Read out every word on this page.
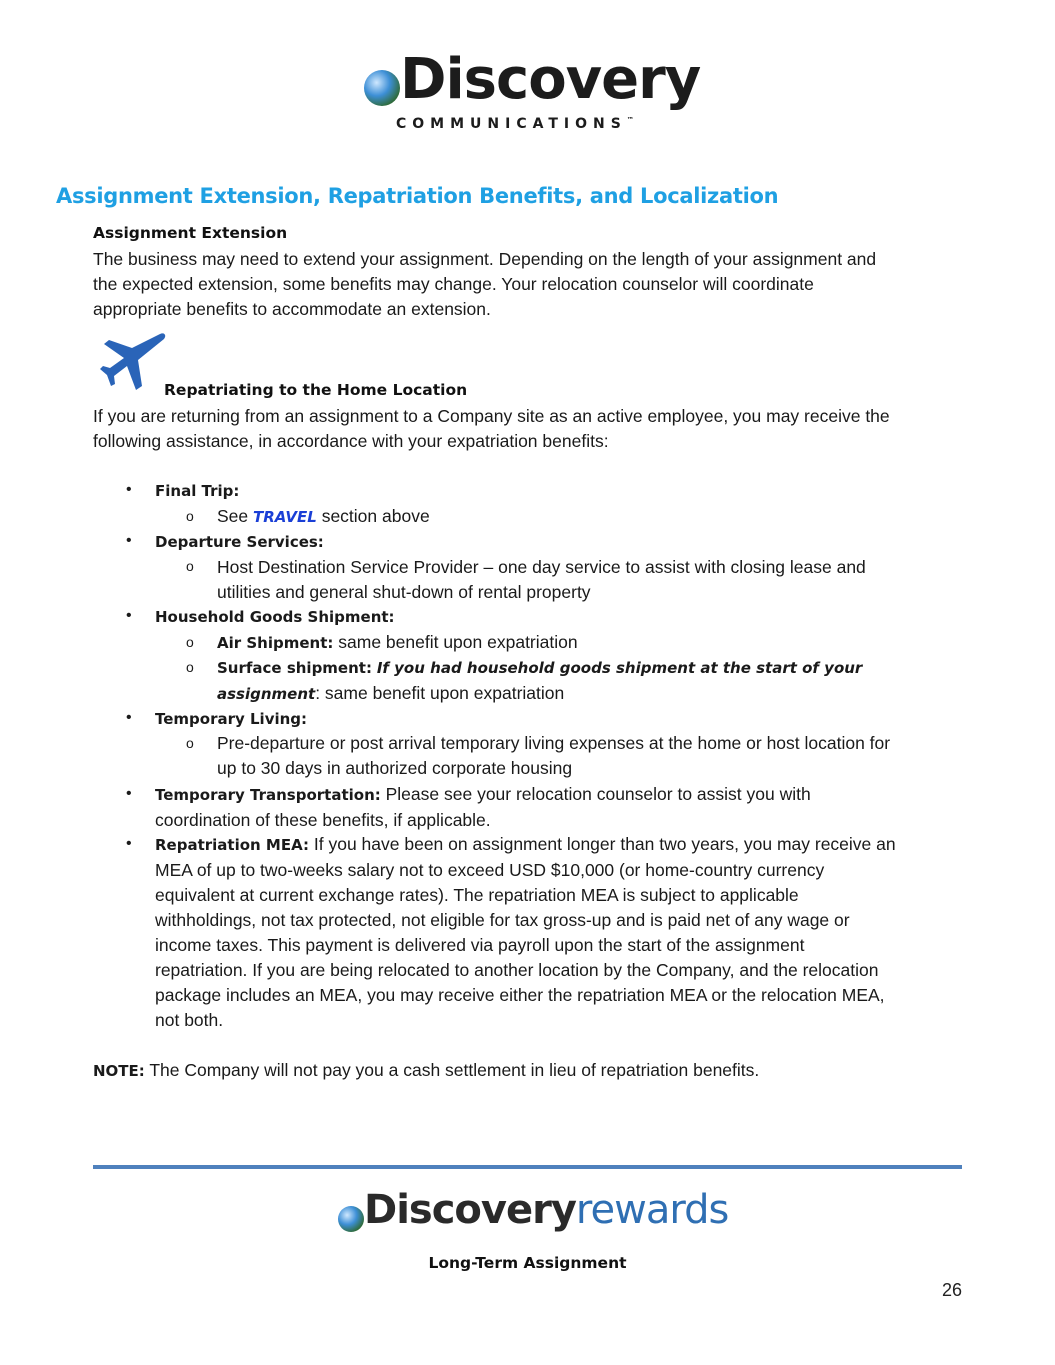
Discovery
COMMUNICATIONS™
Assignment Extension, Repatriation Benefits, and Localization
Assignment Extension
The business may need to extend your assignment. Depending on the length of your assignment and
the expected extension, some benefits may change. Your relocation counselor will coordinate
appropriate benefits to accommodate an extension.
Repatriating to the Home Location
If you are returning from an assignment to a Company site as an active employee, you may receive the
following assistance, in accordance with your expatriation benefits:
• Final Trip:
o See TRAVEL section above
• Departure Services:
o Host Destination Service Provider – one day service to assist with closing lease and
utilities and general shut-down of rental property
• Household Goods Shipment:
o Air Shipment: same benefit upon expatriation
o Surface shipment: If you had household goods shipment at the start of your
assignment: same benefit upon expatriation
• Temporary Living:
o Pre-departure or post arrival temporary living expenses at the home or host location for
up to 30 days in authorized corporate housing
• Temporary Transportation: Please see your relocation counselor to assist you with
coordination of these benefits, if applicable.
• Repatriation MEA: If you have been on assignment longer than two years, you may receive an
MEA of up to two-weeks salary not to exceed USD $10,000 (or home-country currency
equivalent at current exchange rates). The repatriation MEA is subject to applicable
withholdings, not tax protected, not eligible for tax gross-up and is paid net of any wage or
income taxes. This payment is delivered via payroll upon the start of the assignment
repatriation. If you are being relocated to another location by the Company, and the relocation
package includes an MEA, you may receive either the repatriation MEA or the relocation MEA,
not both.
NOTE: The Company will not pay you a cash settlement in lieu of repatriation benefits.
Discoveryrewards
Long-Term Assignment
26
